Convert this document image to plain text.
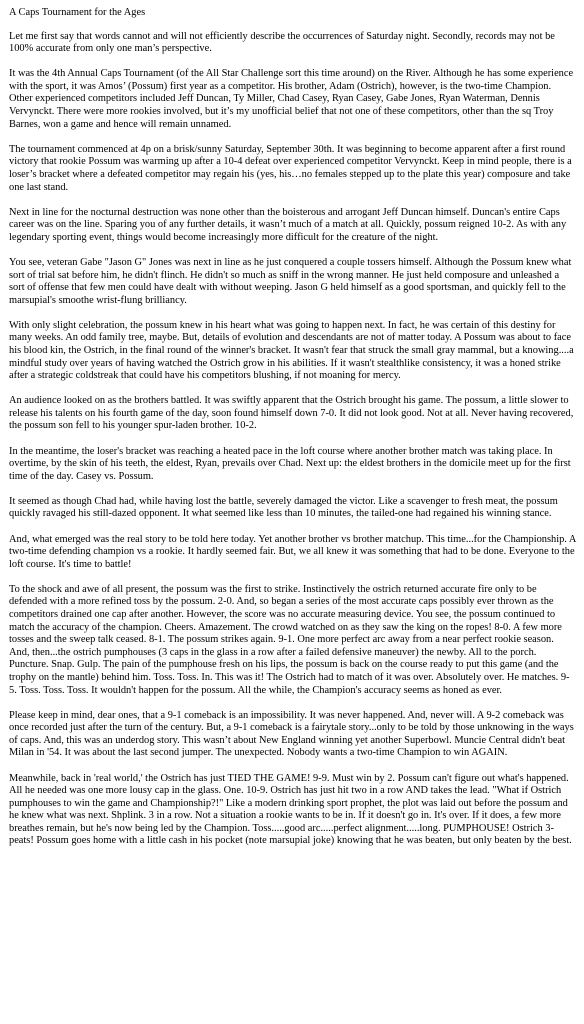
A Caps Tournament for the Ages

Let me first say that words cannot and will not efficiently describe the occurrences of Saturday night. Secondly, records may not be 100% accurate from only one man’s perspective.

It was the 4th Annual Caps Tournament (of the All Star Challenge sort this time around) on the River. Although he has some experience with the sport, it was Amos’ (Possum) first year as a competitor. His brother, Adam (Ostrich), however, is the two-time Champion. Other experienced competitors included Jeff Duncan, Ty Miller, Chad Casey, Ryan Casey, Gabe Jones, Ryan Waterman, Dennis Vervynckt. There were more rookies involved, but it’s my unofficial belief that not one of these competitors, other than the sq Troy Barnes, won a game and hence will remain unnamed.

The tournament commenced at 4p on a brisk/sunny Saturday, September 30th. It was beginning to become apparent after a first round victory that rookie Possum was warming up after a 10-4 defeat over experienced competitor Vervynckt. Keep in mind people, there is a loser’s bracket where a defeated competitor may regain his (yes, his…no females stepped up to the plate this year) composure and take one last stand.

Next in line for the nocturnal destruction was none other than the boisterous and arrogant Jeff Duncan himself. Duncan's entire Caps career was on the line. Sparing you of any further details, it wasn’t much of a match at all. Quickly, possum reigned 10-2. As with any legendary sporting event, things would become increasingly more difficult for the creature of the night.

You see, veteran Gabe "Jason G" Jones was next in line as he just conquered a couple tossers himself. Although the Possum knew what sort of trial sat before him, he didn't flinch. He didn't so much as sniff in the wrong manner. He just held composure and unleashed a sort of offense that few men could have dealt with without weeping. Jason G held himself as a good sportsman, and quickly fell to the marsupial's smoothe wrist-flung brilliancy.

With only slight celebration, the possum knew in his heart what was going to happen next. In fact, he was certain of this destiny for many weeks. An odd family tree, maybe. But, details of evolution and descendants are not of matter today. A Possum was about to face his blood kin, the Ostrich, in the final round of the winner's bracket. It wasn't fear that struck the small gray mammal, but a knowing....a mindful study over years of having watched the Ostrich grow in his abilities. If it wasn't stealthlike consistency, it was a honed strike after a strategic coldstreak that could have his competitors blushing, if not moaning for mercy.

An audience looked on as the brothers battled. It was swiftly apparent that the Ostrich brought his game. The possum, a little slower to release his talents on his fourth game of the day, soon found himself down 7-0. It did not look good. Not at all. Never having recovered, the possum son fell to his younger spur-laden brother. 10-2.

In the meantime, the loser's bracket was reaching a heated pace in the loft course where another brother match was taking place. In overtime, by the skin of his teeth, the eldest, Ryan, prevails over Chad. Next up: the eldest brothers in the domicile meet up for the first time of the day. Casey vs. Possum.

It seemed as though Chad had, while having lost the battle, severely damaged the victor. Like a scavenger to fresh meat, the possum quickly ravaged his still-dazed opponent. It what seemed like less than 10 minutes, the tailed-one had regained his winning stance.

And, what emerged was the real story to be told here today. Yet another brother vs brother matchup. This time...for the Championship. A two-time defending champion vs a rookie. It hardly seemed fair. But, we all knew it was something that had to be done. Everyone to the loft course. It's time to battle!

To the shock and awe of all present, the possum was the first to strike. Instinctively the ostrich returned accurate fire only to be defended with a more refined toss by the possum. 2-0. And, so began a series of the most accurate caps possibly ever thrown as the competitors drained one cap after another. However, the score was no accurate measuring device. You see, the possum continued to match the accuracy of the champion. Cheers. Amazement. The crowd watched on as they saw the king on the ropes! 8-0. A few more tosses and the sweep talk ceased. 8-1. The possum strikes again. 9-1. One more perfect arc away from a near perfect rookie season. And, then...the ostrich pumphouses (3 caps in the glass in a row after a failed defensive maneuver) the newby. All to the porch. Puncture. Snap. Gulp. The pain of the pumphouse fresh on his lips, the possum is back on the course ready to put this game (and the trophy on the mantle) behind him. Toss. Toss. In. This was it! The Ostrich had to match of it was over. Absolutely over. He matches. 9-5. Toss. Toss. Toss. It wouldn't happen for the possum. All the while, the Champion's accuracy seems as honed as ever.

Please keep in mind, dear ones, that a 9-1 comeback is an impossibility. It was never happened. And, never will. A 9-2 comeback was once recorded just after the turn of the century. But, a 9-1 comeback is a fairytale story...only to be told by those unknowing in the ways of caps. And, this was an underdog story. This wasn’t about New England winning yet another Superbowl. Muncie Central didn't beat Milan in '54. It was about the last second jumper. The unexpected. Nobody wants a two-time Champion to win AGAIN.

Meanwhile, back in 'real world,' the Ostrich has just TIED THE GAME! 9-9. Must win by 2. Possum can't figure out what's happened. All he needed was one more lousy cap in the glass. One. 10-9. Ostrich has just hit two in a row AND takes the lead. "What if Ostrich pumphouses to win the game and Championship?!" Like a modern drinking sport prophet, the plot was laid out before the possum and he knew what was next. Shplink. 3 in a row. Not a situation a rookie wants to be in. If it doesn't go in. It's over. If it does, a few more breathes remain, but he's now being led by the Champion. Toss.....good arc.....perfect alignment.....long. PUMPHOUSE! Ostrich 3-peats! Possum goes home with a little cash in his pocket (note marsupial joke) knowing that he was beaten, but only beaten by the best.
